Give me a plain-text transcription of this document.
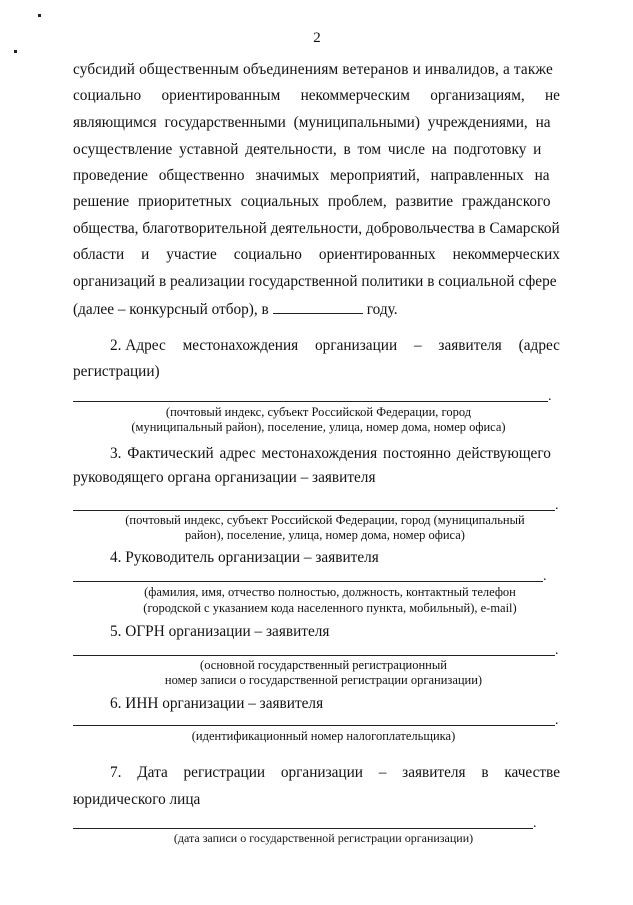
2
субсидий общественным объединениям ветеранов и инвалидов, а также
социально ориентированным некоммерческим организациям, не
являющимся государственными (муниципальными) учреждениями, на
осуществление уставной деятельности, в том числе на подготовку и
проведение общественно значимых мероприятий, направленных на
решение приоритетных социальных проблем, развитие гражданского
общества, благотворительной деятельности, добровольчества в Самарской
области и участие социально ориентированных некоммерческих
организаций в реализации государственной политики в социальной сфере
(далее – конкурсный отбор), в	году.
2. Адрес местонахождения организации – заявителя (адрес
регистрации)
.
(почтовый индекс, субъект Российской Федерации, город
(муниципальный район), поселение, улица, номер дома, номер офиса)
3. Фактический адрес местонахождения постоянно действующего
руководящего органа организации – заявителя
.
(почтовый индекс, субъект Российской Федерации, город (муниципальный
район), поселение, улица, номер дома, номер офиса)
4. Руководитель организации – заявителя
.
(фамилия, имя, отчество полностью, должность, контактный телефон
(городской с указанием кода населенного пункта, мобильный), e-mail)
5. ОГРН организации – заявителя
.
(основной государственный регистрационный
номер записи о государственной регистрации организации)
6. ИНН организации – заявителя
.
(идентификационный номер налогоплательщика)
7. Дата регистрации организации – заявителя в качестве
юридического лица
.
(дата записи о государственной регистрации организации)
